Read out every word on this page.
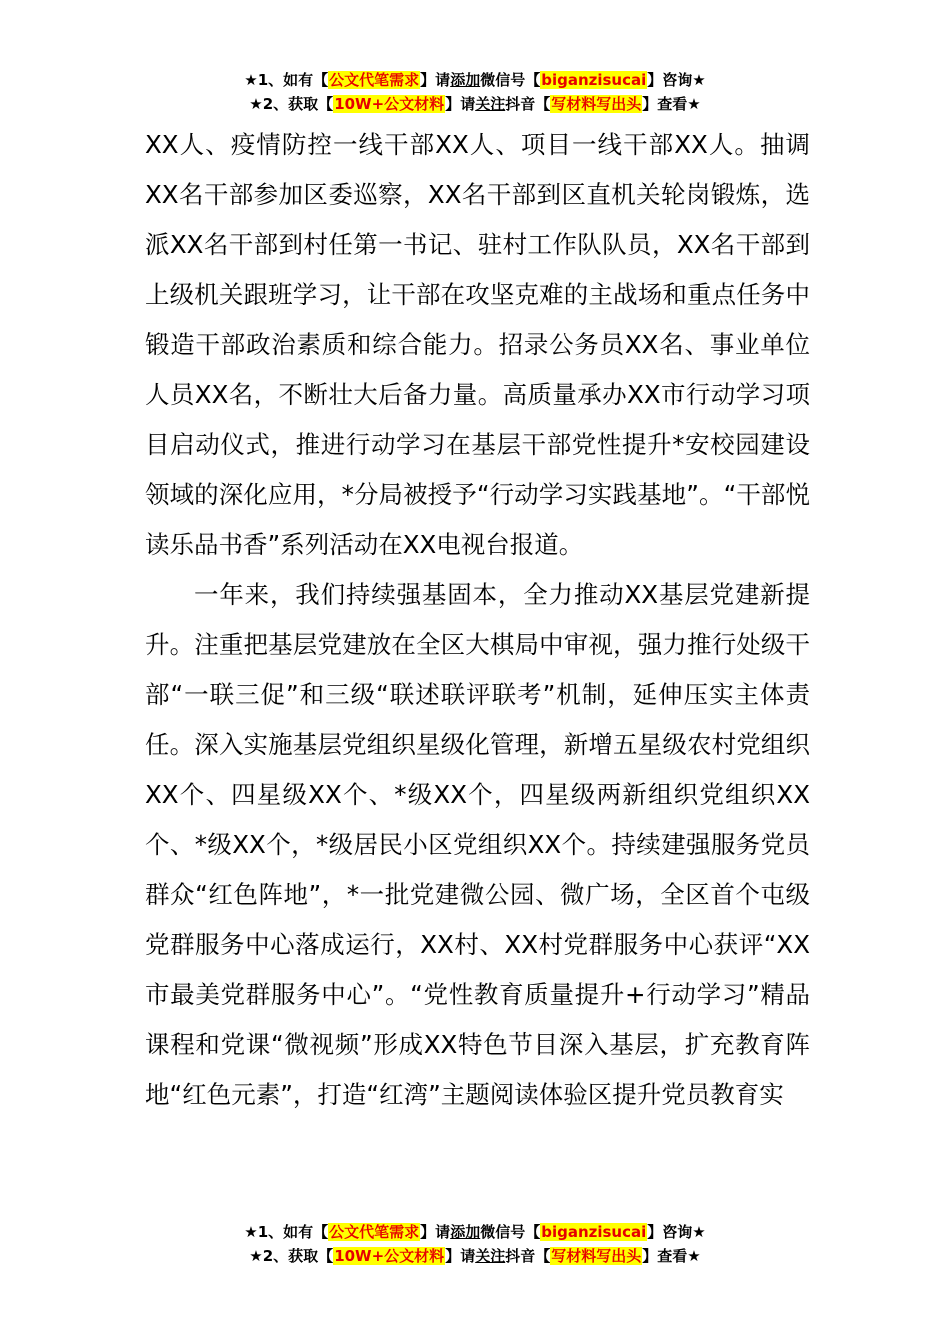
★1、如有【公文代笔需求】请添加微信号【biganzisucai】咨询★
★2、获取【10W+公文材料】请关注抖音【写材料写出头】查看★

XX人、疫情防控一线干部XX人、项目一线干部XX人。抽调XX名干部参加区委巡察，XX名干部到区直机关轮岗锻炼，选派XX名干部到村任第一书记、驻村工作队队员，XX名干部到上级机关跟班学习，让干部在攻坚克难的主战场和重点任务中锻造干部政治素质和综合能力。招录公务员XX名、事业单位人员XX名，不断壮大后备力量。高质量承办XX市行动学习项目启动仪式，推进行动学习在基层干部党性提升*安校园建设领域的深化应用，*分局被授予“行动学习实践基地”。“干部悦读乐品书香”系列活动在XX电视台报道。

一年来，我们持续强基固本，全力推动XX基层党建新提升。注重把基层党建放在全区大棋局中审视，强力推行处级干部“一联三促”和三级“联述联评联考”机制，延伸压实主体责任。深入实施基层党组织星级化管理，新增五星级农村党组织XX个、四星级XX个、*级XX个，四星级两新组织党组织XX个、*级XX个，*级居民小区党组织XX个。持续建强服务党员群众“红色阵地”，*一批党建微公园、微广场，全区首个屯级党群服务中心落成运行，XX村、XX村党群服务中心获评“XX市最美党群服务中心”。“党性教育质量提升+行动学习”精品课程和党课“微视频”形成XX特色节目深入基层，扩充教育阵地“红色元素”，打造“红湾”主题阅读体验区提升党员教育实

★1、如有【公文代笔需求】请添加微信号【biganzisucai】咨询★
★2、获取【10W+公文材料】请关注抖音【写材料写出头】查看★
